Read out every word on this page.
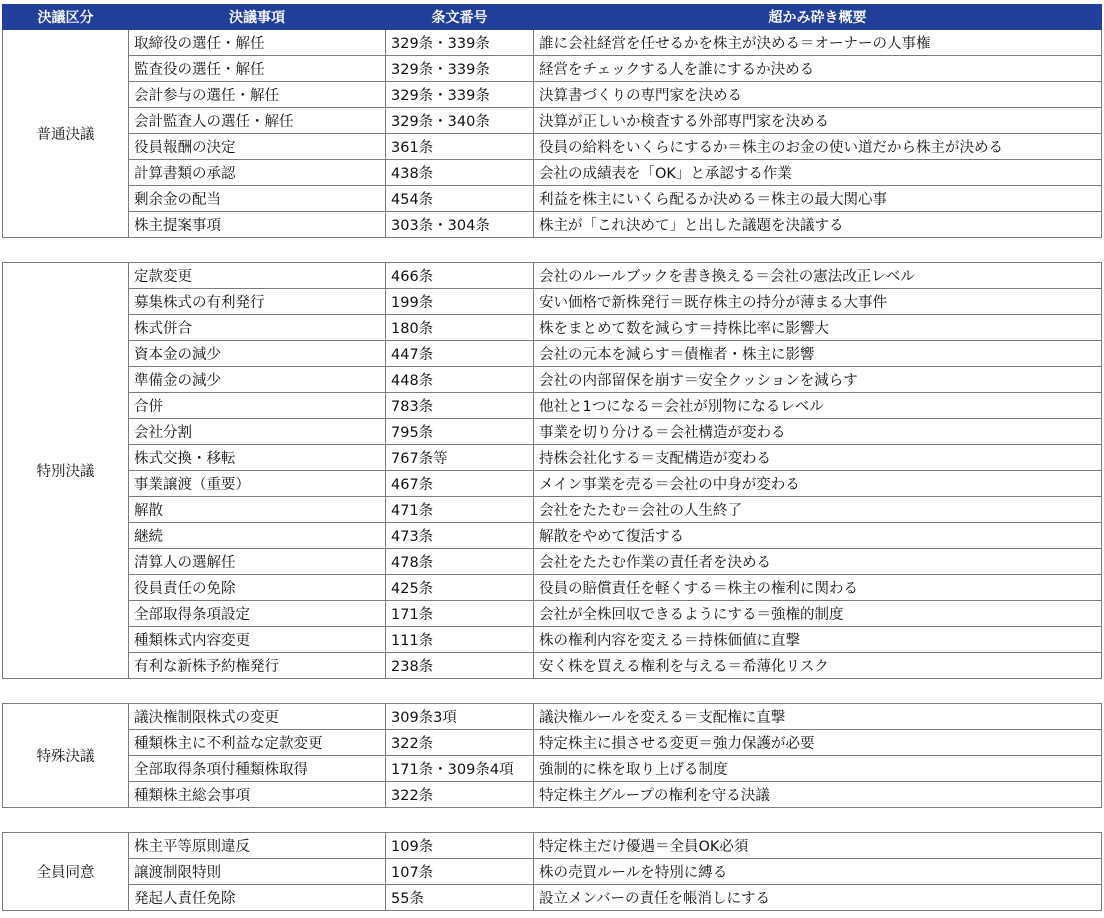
決議区分	決議事項	条文番号	超かみ砕き概要
普通決議	取締役の選任・解任	329条・339条	誰に会社経営を任せるかを株主が決める＝オーナーの人事権
	監査役の選任・解任	329条・339条	経営をチェックする人を誰にするか決める
	会計参与の選任・解任	329条・339条	決算書づくりの専門家を決める
	会計監査人の選任・解任	329条・340条	決算が正しいか検査する外部専門家を決める
	役員報酬の決定	361条	役員の給料をいくらにするか＝株主のお金の使い道だから株主が決める
	計算書類の承認	438条	会社の成績表を「OK」と承認する作業
	剰余金の配当	454条	利益を株主にいくら配るか決める＝株主の最大関心事
	株主提案事項	303条・304条	株主が「これ決めて」と出した議題を決議する

特別決議	定款変更	466条	会社のルールブックを書き換える＝会社の憲法改正レベル
	募集株式の有利発行	199条	安い価格で新株発行＝既存株主の持分が薄まる大事件
	株式併合	180条	株をまとめて数を減らす＝持株比率に影響大
	資本金の減少	447条	会社の元本を減らす＝債権者・株主に影響
	準備金の減少	448条	会社の内部留保を崩す＝安全クッションを減らす
	合併	783条	他社と1つになる＝会社が別物になるレベル
	会社分割	795条	事業を切り分ける＝会社構造が変わる
	株式交換・移転	767条等	持株会社化する＝支配構造が変わる
	事業譲渡（重要）	467条	メイン事業を売る＝会社の中身が変わる
	解散	471条	会社をたたむ＝会社の人生終了
	継続	473条	解散をやめて復活する
	清算人の選解任	478条	会社をたたむ作業の責任者を決める
	役員責任の免除	425条	役員の賠償責任を軽くする＝株主の権利に関わる
	全部取得条項設定	171条	会社が全株回収できるようにする＝強権的制度
	種類株式内容変更	111条	株の権利内容を変える＝持株価値に直撃
	有利な新株予約権発行	238条	安く株を買える権利を与える＝希薄化リスク

特殊決議	議決権制限株式の変更	309条3項	議決権ルールを変える＝支配権に直撃
	種類株主に不利益な定款変更	322条	特定株主に損させる変更＝強力保護が必要
	全部取得条項付種類株取得	171条・309条4項	強制的に株を取り上げる制度
	種類株主総会事項	322条	特定株主グループの権利を守る決議

全員同意	株主平等原則違反	109条	特定株主だけ優遇＝全員OK必須
	譲渡制限特則	107条	株の売買ルールを特別に縛る
	発起人責任免除	55条	設立メンバーの責任を帳消しにする
